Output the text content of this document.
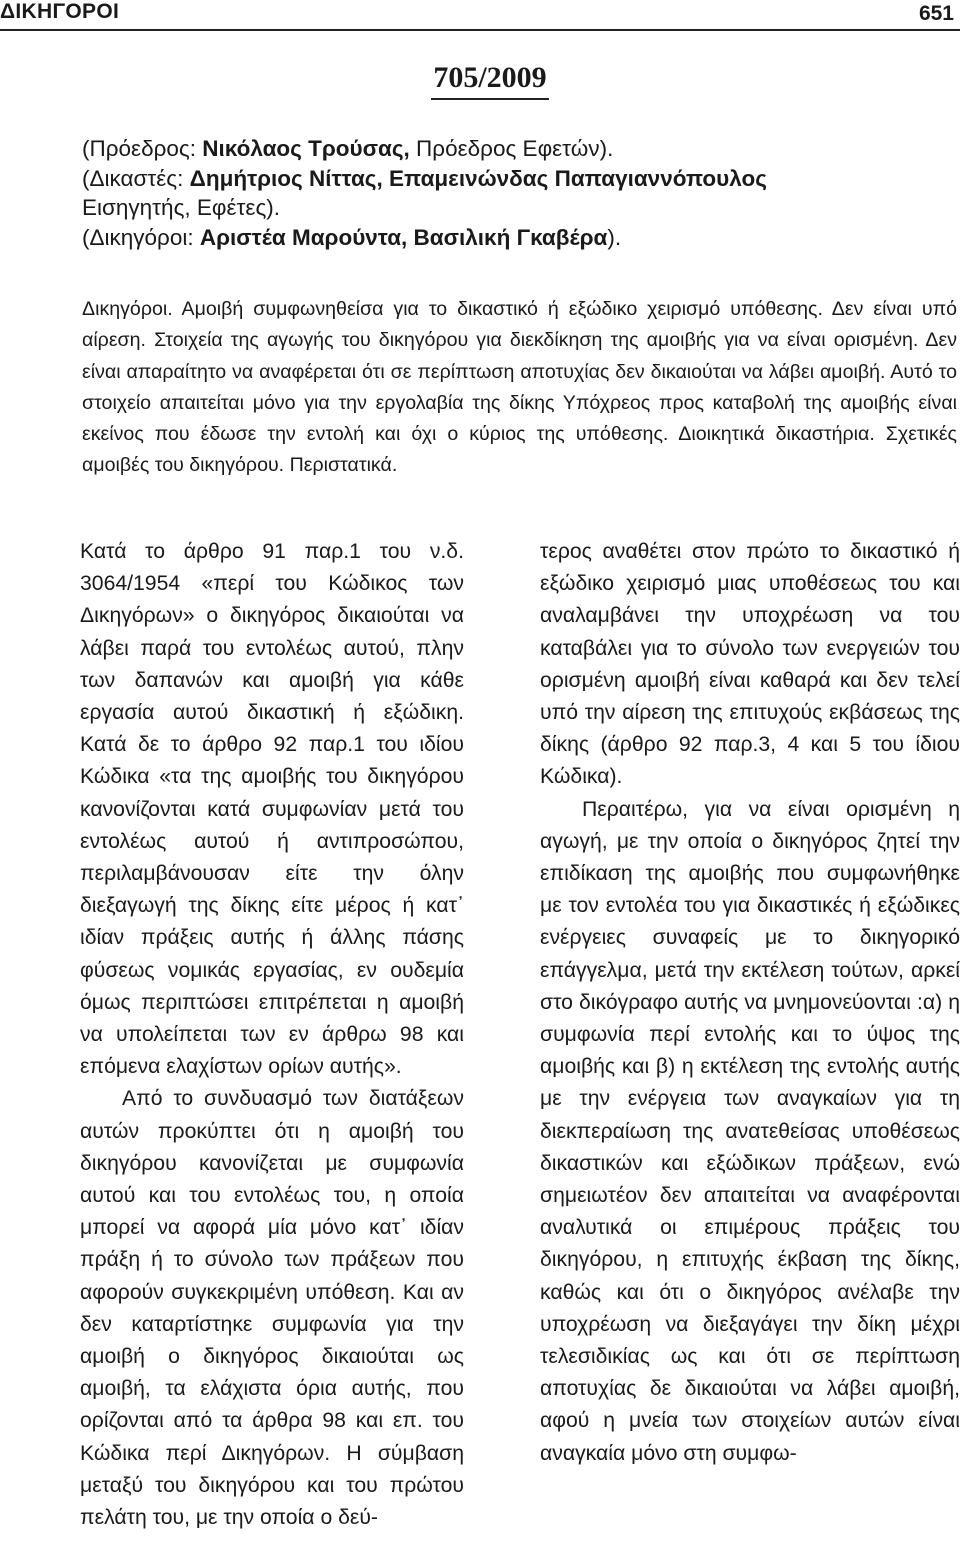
ΔΙΚΗΓΟΡΟΙ	651
705/2009

(Πρόεδρος: Νικόλαος Τρούσας, Πρόεδρος Εφετών).

(Δικαστές: Δημήτριος Νίττας, Επαμεινώνδας Παπαγιαννόπουλος

Εισηγητής, Εφέτες).

(Δικηγόροι: Αριστέα Μαρούντα, Βασιλική Γκαβέρα).

Δικηγόροι. Αμοιβή συμφωνηθείσα για το δικαστικό ή εξώδικο χειρισμό υπόθεσης. Δεν είναι υπό αίρεση. Στοιχεία της αγωγής του δικηγόρου για διεκδίκηση της αμοιβής για να είναι ορισμένη. Δεν είναι απαραίτητο να αναφέρεται ότι σε περίπτωση αποτυχίας δεν δικαιούται να λάβει αμοιβή. Αυτό το στοιχείο απαιτείται μόνο για την εργολαβία της δίκης Υπόχρεος προς καταβολή της αμοιβής είναι εκείνος που έδωσε την εντολή και όχι ο κύριος της υπόθεσης. Διοικητικά δικαστήρια. Σχετικές αμοιβές του δικηγόρου. Περιστατικά.

Κατά το άρθρο 91 παρ.1 του ν.δ. 3064/1954 «περί του Κώδικος των Δικηγόρων» ο δικηγόρος δικαιούται να λάβει παρά του εντολέως αυτού, πλην των δαπανών και αμοιβή για κάθε εργασία αυτού δικαστική ή εξώδικη. Κατά δε το άρθρο 92 παρ.1 του ιδίου Κώδικα «τα της αμοιβής του δικηγόρου κανονίζονται κατά συμφωνίαν μετά του εντολέως αυτού ή αντιπροσώπου, περιλαμβάνουσαν είτε την όλην διεξαγωγή της δίκης είτε μέρος ή κατ᾽ ιδίαν πράξεις αυτής ή άλλης πάσης φύσεως νομικάς εργασίας, εν ουδεμία όμως περιπτώσει επιτρέπεται η αμοιβή να υπολείπεται των εν άρθρω 98 και επόμενα ελαχίστων ορίων αυτής».

Από το συνδυασμό των διατάξεων αυτών προκύπτει ότι η αμοιβή του δικηγόρου κανονίζεται με συμφωνία αυτού και του εντολέως του, η οποία μπορεί να αφορά μία μόνο κατ᾽ ιδίαν πράξη ή το σύνολο των πράξεων που αφορούν συγκεκριμένη υπόθεση. Και αν δεν καταρτίστηκε συμφωνία για την αμοιβή ο δικηγόρος δικαιούται ως αμοιβή, τα ελάχιστα όρια αυτής, που ορίζονται από τα άρθρα 98 και επ. του Κώδικα περί Δικηγόρων. Η σύμβαση μεταξύ του δικηγόρου και του πρώτου πελάτη του, με την οποία ο δεύ-

τερος αναθέτει στον πρώτο το δικαστικό ή εξώδικο χειρισμό μιας υποθέσεως του και αναλαμβάνει την υποχρέωση να του καταβάλει για το σύνολο των ενεργειών του ορισμένη αμοιβή είναι καθαρά και δεν τελεί υπό την αίρεση της επιτυχούς εκβάσεως της δίκης (άρθρο 92 παρ.3, 4 και 5 του ίδιου Κώδικα).

Περαιτέρω, για να είναι ορισμένη η αγωγή, με την οποία ο δικηγόρος ζητεί την επιδίκαση της αμοιβής που συμφωνήθηκε με τον εντολέα του για δικαστικές ή εξώδικες ενέργειες συναφείς με το δικηγορικό επάγγελμα, μετά την εκτέλεση τούτων, αρκεί στο δικόγραφο αυτής να μνημονεύονται :α) η συμφωνία περί εντολής και το ύψος της αμοιβής και β) η εκτέλεση της εντολής αυτής με την ενέργεια των αναγκαίων για τη διεκπεραίωση της ανατεθείσας υποθέσεως δικαστικών και εξώδικων πράξεων, ενώ σημειωτέον δεν απαιτείται να αναφέρονται αναλυτικά οι επιμέρους πράξεις του δικηγόρου, η επιτυχής έκβαση της δίκης, καθώς και ότι ο δικηγόρος ανέλαβε την υποχρέωση να διεξαγάγει την δίκη μέχρι τελεσιδικίας ως και ότι σε περίπτωση αποτυχίας δε δικαιούται να λάβει αμοιβή, αφού η μνεία των στοιχείων αυτών είναι αναγκαία μόνο στη συμφω-
